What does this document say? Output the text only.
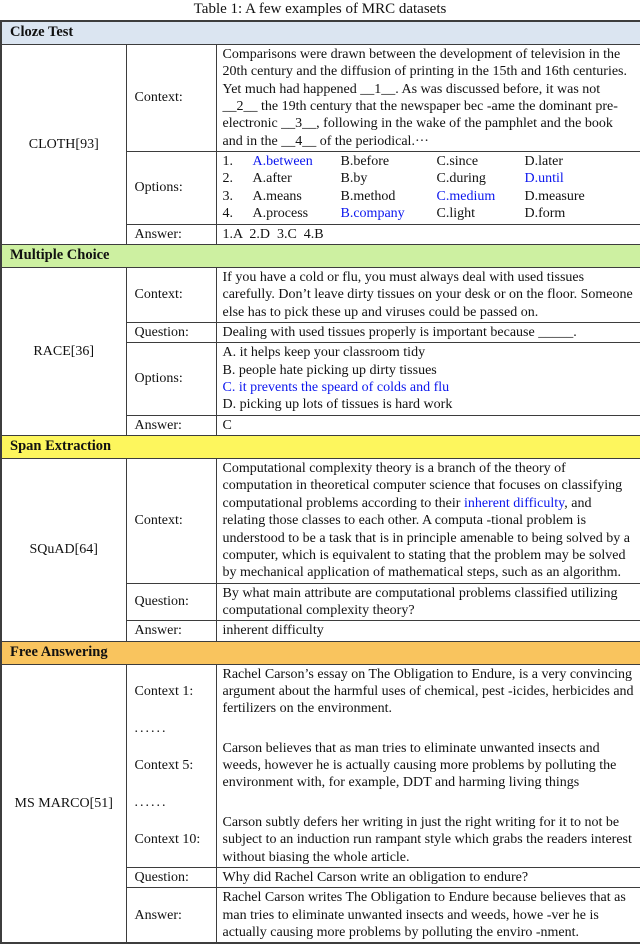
Table 1: A few examples of MRC datasets
Cloze Test		
CLOTH[93]	Context:	Comparisons were drawn between the development of television in the 20th century and the diffusion of printing in the 15th and 16th centuries. Yet much had happened __1__. As was discussed before, it was not __2__ the 19th century that the newspaper bec -ame the dominant pre-electronic __3__, following in the wake of the pamphlet and the book and in the __4__ of the periodical.···
Options:	
1.	A.between	B.before	C.since	D.later
2.	A.after	B.by	C.during	D.until
3.	A.means	B.method	C.medium	D.measure
4.	A.process	B.company	C.light	D.form

	Answer:	1.A  2.D  3.C  4.B
Multiple Choice		
RACE[36]	Context:	If you have a cold or flu, you must always deal with used tissues carefully. Don’t leave dirty tissues on your desk or on the floor. Someone else has to pick these up and viruses could be passed on.
	Question:	Dealing with used tissues properly is important because _____.
	Options:	A. it helps keep your classroom tidy
B. people hate picking up dirty tissues
C. it prevents the speard of colds and flu
D. picking up lots of tissues is hard work

	Answer:	C
Span Extraction		
SQuAD[64]	Context:	Computational complexity theory is a branch of the theory of computation in theoretical computer science that focuses on classifying computational problems according to their inherent difficulty, and relating those classes to each other. A computa -tional problem is understood to be a task that is in principle amenable to being solved by a computer, which is equivalent to stating that the problem may be solved by mechanical application of mathematical steps, such as an algorithm.
	Question:	By what main attribute are computational problems classified utilizing computational complexity theory?
	Answer:	inherent difficulty
Free Answering		
MS MARCO[51]	Context 1:	Rachel Carson’s essay on The Obligation to Endure, is a very convincing argument about the harmful uses of chemical, pest -icides, herbicides and fertilizers on the environment.
	......	
	Context 5:	Carson believes that as man tries to eliminate unwanted insects and weeds, however he is actually causing more problems by polluting the environment with, for example, DDT and harming living things
	......	
	Context 10:	Carson subtly defers her writing in just the right writing for it to not be subject to an induction run rampant style which grabs the readers interest without biasing the whole article.
	Question:	Why did Rachel Carson write an obligation to endure?
	Answer:	Rachel Carson writes The Obligation to Endure because believes that as man tries to eliminate unwanted insects and weeds, howe -ver he is actually causing more problems by polluting the enviro -nment.
